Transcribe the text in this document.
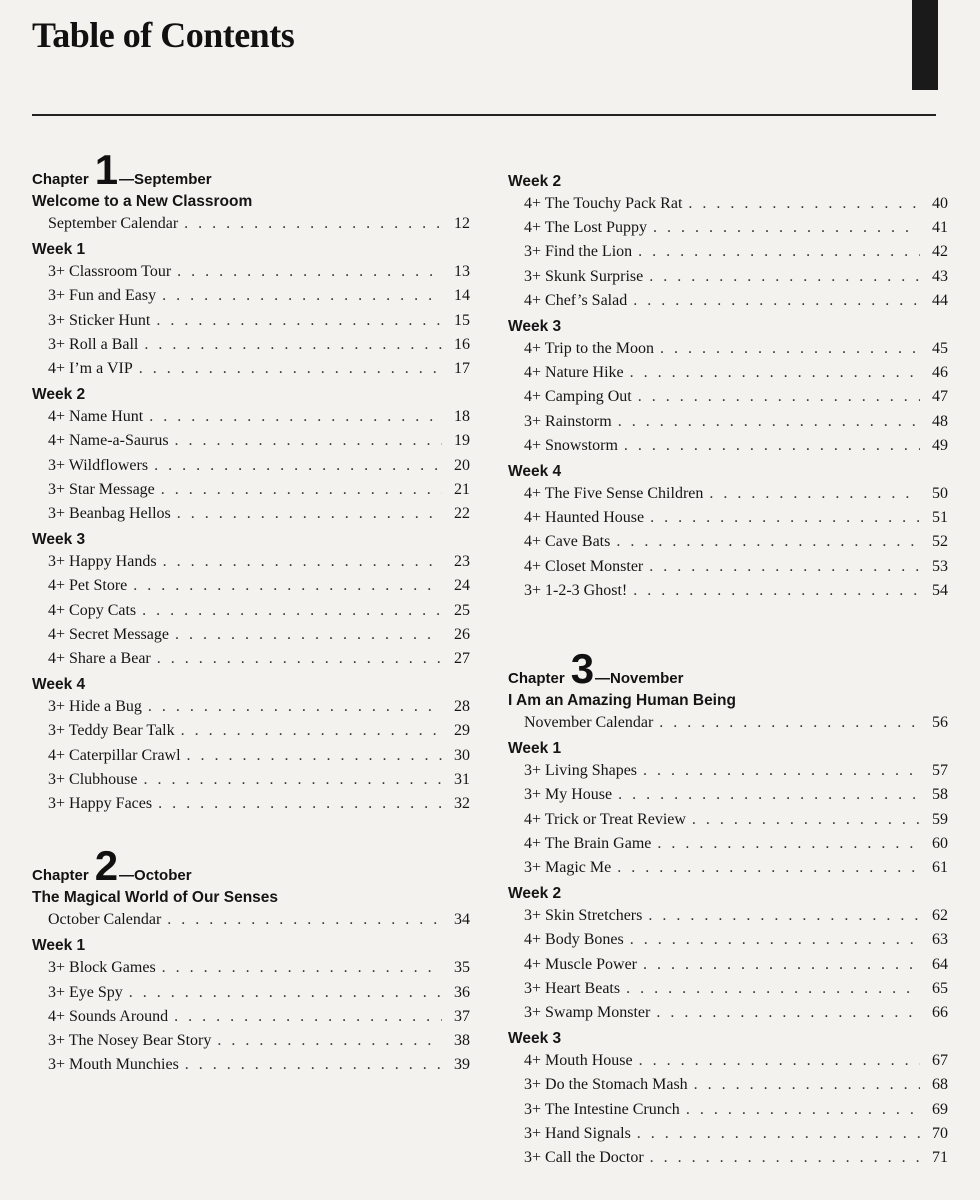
Table of Contents
Chapter 1 —September
Welcome to a New Classroom
September Calendar . . .	12
Week 1
3+ Classroom Tour . . .	13
3+ Fun and Easy . . .	14
3+ Sticker Hunt . . .	15
3+ Roll a Ball . . .	16
4+ I’m a VIP . . .	17
Week 2
4+ Name Hunt . . .	18
4+ Name-a-Saurus . . .	19
3+ Wildflowers . . .	20
3+ Star Message . . .	21
3+ Beanbag Hellos . . .	22
Week 3
3+ Happy Hands . . .	23
4+ Pet Store . . .	24
4+ Copy Cats . . .	25
4+ Secret Message . . .	26
4+ Share a Bear . . .	27
Week 4
3+ Hide a Bug . . .	28
3+ Teddy Bear Talk . . .	29
4+ Caterpillar Crawl . . .	30
3+ Clubhouse . . .	31
3+ Happy Faces . . .	32
Chapter 2 —October
The Magical World of Our Senses
October Calendar . . .	34
Week 1
3+ Block Games . . .	35
3+ Eye Spy . . .	36
4+ Sounds Around . . .	37
3+ The Nosey Bear Story . . .	38
3+ Mouth Munchies . . .	39
Week 2
4+ The Touchy Pack Rat . . .	40
4+ The Lost Puppy . . .	41
3+ Find the Lion . . .	42
3+ Skunk Surprise . . .	43
4+ Chef’s Salad . . .	44
Week 3
4+ Trip to the Moon . . .	45
4+ Nature Hike . . .	46
4+ Camping Out . . .	47
3+ Rainstorm . . .	48
4+ Snowstorm . . .	49
Week 4
4+ The Five Sense Children . . .	50
4+ Haunted House . . .	51
4+ Cave Bats . . .	52
4+ Closet Monster . . .	53
3+ 1-2-3 Ghost! . . .	54
Chapter 3 —November
I Am an Amazing Human Being
November Calendar . . .	56
Week 1
3+ Living Shapes . . .	57
3+ My House . . .	58
4+ Trick or Treat Review . . .	59
4+ The Brain Game . . .	60
3+ Magic Me . . .	61
Week 2
3+ Skin Stretchers . . .	62
4+ Body Bones . . .	63
4+ Muscle Power . . .	64
3+ Heart Beats . . .	65
3+ Swamp Monster . . .	66
Week 3
4+ Mouth House . . .	67
3+ Do the Stomach Mash . . .	68
3+ The Intestine Crunch . . .	69
3+ Hand Signals . . .	70
3+ Call the Doctor . . .	71
